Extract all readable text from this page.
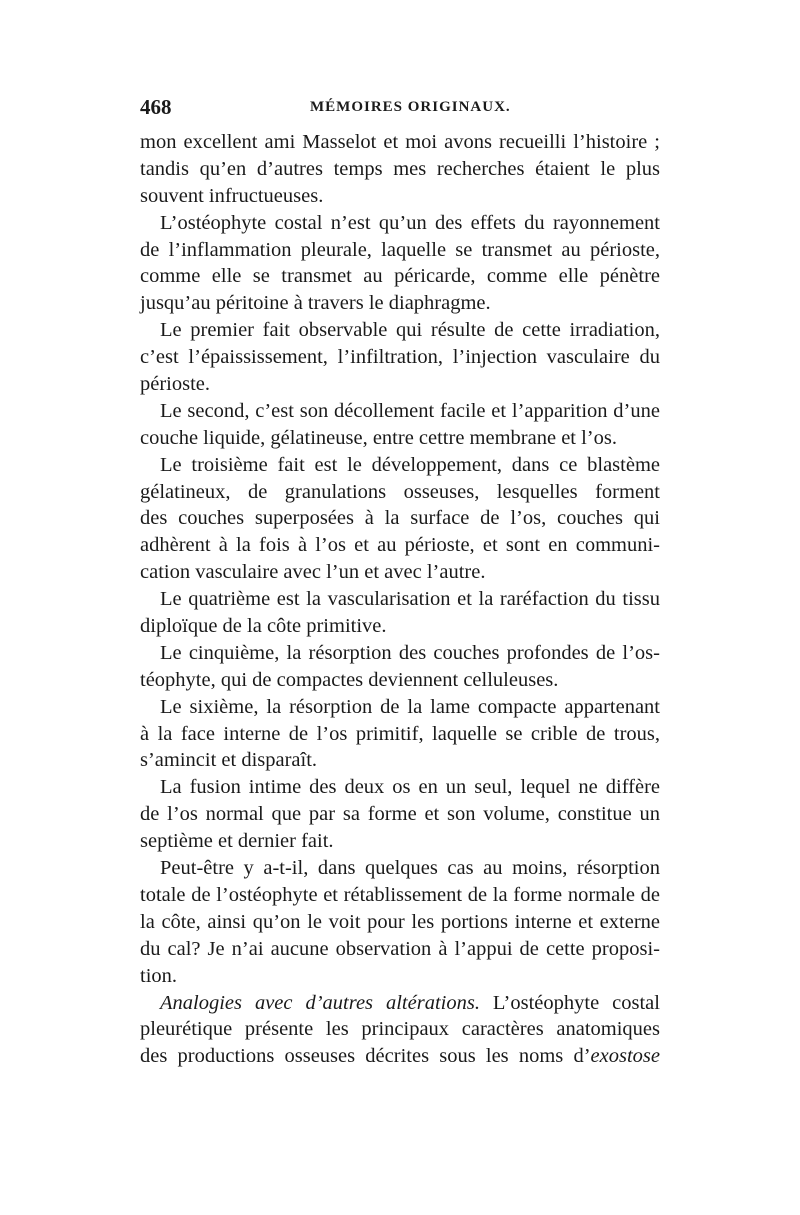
468	MÉMOIRES ORIGINAUX.
mon excellent ami Masselot et moi avons recueilli l’histoire ;
tandis qu’en d’autres temps mes recherches étaient le plus
souvent infructueuses.
L’ostéophyte costal n’est qu’un des effets du rayonnement
de l’inflammation pleurale, laquelle se transmet au périoste,
comme elle se transmet au péricarde, comme elle pénètre
jusqu’au péritoine à travers le diaphragme.
Le premier fait observable qui résulte de cette irradiation,
c’est l’épaississement, l’infiltration, l’injection vasculaire du
périoste.
Le second, c’est son décollement facile et l’apparition d’une
couche liquide, gélatineuse, entre cettre membrane et l’os.
Le troisième fait est le développement, dans ce blastème
gélatineux, de granulations osseuses, lesquelles forment
des couches superposées à la surface de l’os, couches qui
adhèrent à la fois à l’os et au périoste, et sont en communi-
cation vasculaire avec l’un et avec l’autre.
Le quatrième est la vascularisation et la raréfaction du tissu
diploïque de la côte primitive.
Le cinquième, la résorption des couches profondes de l’os-
téophyte, qui de compactes deviennent celluleuses.
Le sixième, la résorption de la lame compacte appartenant
à la face interne de l’os primitif, laquelle se crible de trous,
s’amincit et disparaît.
La fusion intime des deux os en un seul, lequel ne diffère
de l’os normal que par sa forme et son volume, constitue un
septième et dernier fait.
Peut-être y a-t-il, dans quelques cas au moins, résorption
totale de l’ostéophyte et rétablissement de la forme normale de
la côte, ainsi qu’on le voit pour les portions interne et externe
du cal? Je n’ai aucune observation à l’appui de cette proposi-
tion.
Analogies avec d’autres altérations. L’ostéophyte costal
pleurétique présente les principaux caractères anatomiques
des productions osseuses décrites sous les noms d’exostose
